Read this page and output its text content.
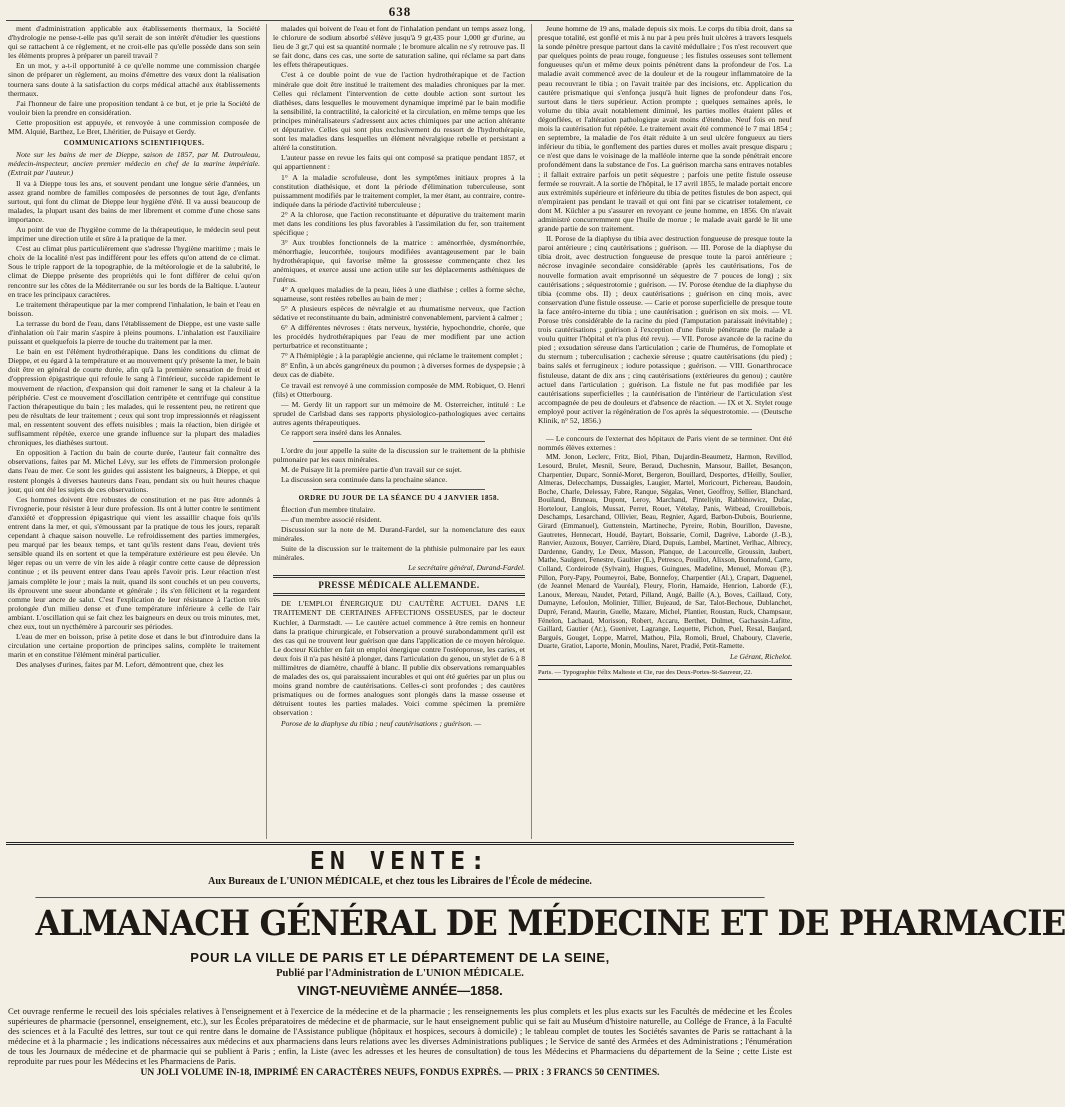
638

ment d'administration applicable aux établissements thermaux, la Société d'hydrologie ne pense-t-elle pas qu'il serait de son intérêt d'étudier les questions qui se rattachent à ce règlement, et ne croit-elle pas qu'elle possède dans son sein les éléments propres à préparer un pareil travail ?

En un mot, y a-t-il opportunité à ce qu'elle nomme une commission chargée sinon de préparer un règlement, au moins d'émettre des vœux dont la réalisation tournera sans doute à la satisfaction du corps médical attaché aux établissements thermaux.

J'ai l'honneur de faire une proposition tendant à ce but, et je prie la Société de vouloir bien la prendre en considération.

Cette proposition est appuyée, et renvoyée à une commission composée de MM. Alquié, Barthez, Le Bret, Lhéritier, de Puisaye et Gerdy.

COMMUNICATIONS SCIENTIFIQUES.

Note sur les bains de mer de Dieppe, saison de 1857, par M. Dutrouleau, médecin-inspecteur, ancien premier médecin en chef de la marine impériale. (Extrait par l'auteur.)

Il va à Dieppe tous les ans, et souvent pendant une longue série d'années, un assez grand nombre de familles composées de personnes de tout âge, d'enfants surtout, qui font du climat de Dieppe leur hygiène d'été. Il va aussi beaucoup de malades, la plupart usant des bains de mer librement et comme d'une chose sans importance.

Au point de vue de l'hygiène comme de la thérapeutique, le médecin seul peut imprimer une direction utile et sûre à la pratique de la mer.

C'est au climat plus particulièrement que s'adresse l'hygiène maritime ; mais le choix de la localité n'est pas indifférent pour les effets qu'on attend de ce climat. Sous le triple rapport de la topographie, de la météorologie et de la salubrité, le climat de Dieppe présente des propriétés qui le font différer de celui qu'on rencontre sur les côtes de la Méditerranée ou sur les bords de la Baltique. L'auteur en trace les principaux caractères.

Le traitement thérapeutique par la mer comprend l'inhalation, le bain et l'eau en boisson.

La terrasse du bord de l'eau, dans l'établissement de Dieppe, est une vaste salle d'inhalation où l'air marin s'aspire à pleins poumons. L'inhalation est l'auxiliaire puissant et quelquefois la pierre de touche du traitement par la mer.

Le bain en est l'élément hydrothérapique. Dans les conditions du climat de Dieppe, et eu égard à la température et au mouvement qu'y présente la mer, le bain doit être en général de courte durée, afin qu'à la première sensation de froid et d'oppression épigastrique qui refoule le sang à l'intérieur, succède rapidement le mouvement de réaction, d'expansion qui doit ramener le sang et la chaleur à la périphérie. C'est ce mouvement d'oscillation centripète et centrifuge qui constitue l'action thérapeutique du bain ; les malades, qui le ressentent peu, ne retirent que peu de résultats de leur traitement ; ceux qui sont trop impressionnés et réagissent mal, en ressentent souvent des effets nuisibles ; mais la réaction, bien dirigée et suffisamment répétée, exerce une grande influence sur la plupart des maladies chroniques, les diathèses surtout.

En opposition à l'action du bain de courte durée, l'auteur fait connaître des observations, faites par M. Michel Lévy, sur les effets de l'immersion prolongée dans l'eau de mer. Ce sont les guides qui assistent les baigneurs, à Dieppe, et qui restent plongés à diverses hauteurs dans l'eau, pendant six ou huit heures chaque jour, qui ont été les sujets de ces observations.

Ces hommes doivent être robustes de constitution et ne pas être adonnés à l'ivrognerie, pour résister à leur dure profession. Ils ont à lutter contre le sentiment d'anxiété et d'oppression épigastrique qui vient les assaillir chaque fois qu'ils entrent dans la mer, et qui, s'émoussant par la pratique de tous les jours, reparaît cependant à chaque saison nouvelle. Le refroidissement des parties immergées, peu marqué par les beaux temps, et tant qu'ils restent dans l'eau, devient très sensible quand ils en sortent et que la température extérieure est peu élevée. Un léger repas ou un verre de vin les aide à réagir contre cette cause de dépression continue ; et ils peuvent entrer dans l'eau après l'avoir pris. Leur réaction n'est jamais complète le jour ; mais la nuit, quand ils sont couchés et un peu couverts, ils éprouvent une sueur abondante et générale ; ils s'en félicitent et la regardent comme leur ancre de salut. C'est l'explication de leur résistance à l'action très prolongée d'un milieu dense et d'une température inférieure à celle de l'air ambiant. L'oscillation qui se fait chez les baigneurs en deux ou trois minutes, met, chez eux, tout un nycthémère à parcourir ses périodes.

L'eau de mer en boisson, prise à petite dose et dans le but d'introduire dans la circulation une certaine proportion de principes salins, complète le traitement marin et en constitue l'élément minéral particulier.

Des analyses d'urines, faites par M. Lefort, démontrent que, chez les

malades qui boivent de l'eau et font de l'inhalation pendant un temps assez long, le chlorure de sodium absorbé s'élève jusqu'à 9 gr,435 pour 1,000 gr d'urine, au lieu de 3 gr,7 qui est sa quantité normale ; le bromure alcalin ne s'y retrouve pas. Il se fait donc, dans ces cas, une sorte de saturation saline, qui réclame sa part dans les effets thérapeutiques.

C'est à ce double point de vue de l'action hydrothérapique et de l'action minérale que doit être institué le traitement des maladies chroniques par la mer. Celles qui réclament l'intervention de cette double action sont surtout les diathèses, dans lesquelles le mouvement dynamique imprimé par le bain modifie la sensibilité, la contractilité, la caloricité et la circulation, en même temps que les principes minéralisateurs s'adressent aux actes chimiques par une action altérante et dépurative. Celles qui sont plus exclusivement du ressort de l'hydrothérapie, sont les maladies dans lesquelles un élément névralgique rebelle et persistant a altéré la constitution.

L'auteur passe en revue les faits qui ont composé sa pratique pendant 1857, et qui appartiennent :

1° A la maladie scrofuleuse, dont les symptômes initiaux propres à la constitution diathésique, et dont la période d'élimination tuberculeuse, sont puissamment modifiés par le traitement complet, la mer étant, au contraire, contre-indiquée dans la période d'activité tuberculeuse ;

2° A la chlorose, que l'action reconstituante et dépurative du traitement marin met dans les conditions les plus favorables à l'assimilation du fer, son traitement spécifique ;

3° Aux troubles fonctionnels de la matrice : aménorrhée, dysménorrhée, ménorrhagie, leucorrhée, toujours modifiées avantageusement par le bain hydrothérapique, qui favorise même la grossesse commençante chez les anémiques, et exerce aussi une action utile sur les déplacements asthéniques de l'utérus.

4° A quelques maladies de la peau, liées à une diathèse ; celles à forme sèche, squameuse, sont restées rebelles au bain de mer ;

5° A plusieurs espèces de névralgie et au rhumatisme nerveux, que l'action sédative et reconstituante du bain, administré convenablement, parvient à calmer ;

6° A différentes névroses : états nerveux, hystérie, hypochondrie, chorée, que les procédés hydrothérapiques par l'eau de mer modifient par une action perturbatrice et reconstituante ;

7° A l'hémiplégie ; à la paraplégie ancienne, qui réclame le traitement complet ;

8° Enfin, à un abcès gangréneux du poumon ; à diverses formes de dyspepsie ; à deux cas de diabète.

Ce travail est renvoyé à une commission composée de MM. Robiquet, O. Henri (fils) et Otterbourg.

— M. Gerdy lit un rapport sur un mémoire de M. Osterreicher, intitulé : Le sprudel de Carlsbad dans ses rapports physiologico-pathologiques avec certains autres agents thérapeutiques.

Ce rapport sera inséré dans les Annales.

L'ordre du jour appelle la suite de la discussion sur le traitement de la phthisie pulmonaire par les eaux minérales.

M. de Puisaye lit la première partie d'un travail sur ce sujet.

La discussion sera continuée dans la prochaine séance.

ORDRE DU JOUR DE LA SÉANCE DU 4 JANVIER 1858.

Élection d'un membre titulaire.

— d'un membre associé résident.

Discussion sur la note de M. Durand-Fardel, sur la nomenclature des eaux minérales.

Suite de la discussion sur le traitement de la phthisie pulmonaire par les eaux minérales.

Le secrétaire général, Durand-Fardel.

PRESSE MÉDICALE ALLEMANDE.

DE L'EMPLOI ÉNERGIQUE DU CAUTÈRE ACTUEL DANS LE TRAITEMENT DE CERTAINES AFFECTIONS OSSEUSES, par le docteur Kuchler, à Darmstadt. — Le cautère actuel commence à être remis en honneur dans la pratique chirurgicale, et l'observation a prouvé surabondamment qu'il est des cas qui ne trouvent leur guérison que dans l'application de ce moyen héroïque. Le docteur Küchler en fait un emploi énergique contre l'ostéoporose, les caries, et deux fois il n'a pas hésité à plonger, dans l'articulation du genou, un stylet de 6 à 8 millimètres de diamètre, chauffé à blanc. Il publie dix observations remarquables de malades des os, qui paraissaient incurables et qui ont été guéries par un plus ou moins grand nombre de cautérisations. Celles-ci sont profondes ; des cautères prismatiques ou de formes analogues sont plongés dans la masse osseuse et détruisent toutes les parties malades. Voici comme spécimen la première observation :

Porose de la diaphyse du tibia ; neuf cautérisations ; guérison. —

Jeune homme de 19 ans, malade depuis six mois. Le corps du tibia droit, dans sa presque totalité, est gonflé et mis à nu par à peu près huit ulcères à travers lesquels la sonde pénètre presque partout dans la cavité médullaire ; l'os n'est recouvert que par quelques points de peau rouge, fongueuse ; les fistules osseuses sont tellement fongueuses qu'un et même deux points pénètrent dans la profondeur de l'os. La maladie avait commencé avec de la douleur et de la rougeur inflammatoire de la peau recouvrant le tibia ; on l'avait traitée par des incisions, etc. Application du cautère prismatique qui s'enfonça jusqu'à huit lignes de profondeur dans l'os, surtout dans le tiers supérieur. Action prompte ; quelques semaines après, le volume du tibia avait notablement diminué, les parties molles étaient pâles et dégonflées, et l'altération pathologique avait moins d'étendue. Neuf fois en neuf mois la cautérisation fut répétée. Le traitement avait été commencé le 7 mai 1854 ; en septembre, la maladie de l'os était réduite à un seul ulcère fongueux au tiers inférieur du tibia, le gonflement des parties dures et molles avait presque disparu ; ce n'est que dans le voisinage de la malléole interne que la sonde pénétrait encore profondément dans la substance de l'os. La guérison marcha sans entraves notables ; il fallait extraire parfois un petit séquestre ; parfois une petite fistule osseuse fermée se rouvrait. A la sortie de l'hôpital, le 17 avril 1855, le malade portait encore aux extrémités supérieure et inférieure du tibia de petites fistules de bon aspect, qui n'empiraient pas pendant le travail et qui ont fini par se cicatriser totalement, ce dont M. Küchler a pu s'assurer en revoyant ce jeune homme, en 1856. On n'avait administré concurremment que l'huile de morue ; le malade avait gardé le lit une grande partie de son traitement.

II. Porose de la diaphyse du tibia avec destruction fongueuse de presque toute la paroi antérieure ; cinq cautérisations ; guérison. — III. Porose de la diaphyse du tibia droit, avec destruction fongueuse de presque toute la paroi antérieure ; nécrose invaginée secondaire considérable (après les cautérisations, l'os de nouvelle formation avait emprisonné un séquestre de 7 pouces de long) ; six cautérisations ; séquestrotomie ; guérison. — IV. Porose étendue de la diaphyse du tibia (comme obs. II) ; deux cautérisations ; guérison en cinq mois, avec conservation d'une fistule osseuse. — Carie et porose superficielle de presque toute la face antéro-interne du tibia ; une cautérisation ; guérison en six mois. — VI. Porose très considérable de la racine du pied (l'amputation paraissait inévitable) ; trois cautérisations ; guérison à l'exception d'une fistule pénétrante (le malade a voulu quitter l'hôpital et n'a plus été revu). — VII. Porose avancée de la racine du pied ; exsudation séreuse dans l'articulation ; carie de l'humérus, de l'omoplate et du sternum ; tuberculisation ; cachexie séreuse ; quatre cautérisations (du pied) ; bains salés et ferrugineux ; iodure potassique ; guérison. — VIII. Gonarthrocace fistuleuse, datant de dix ans ; cinq cautérisations (extérieures du genou) ; cautère actuel dans l'articulation ; guérison. La fistule ne fut pas modifiée par les cautérisations superficielles ; la cautérisation de l'intérieur de l'articulation s'est accompagnée de peu de douleurs et d'absence de réaction. — IX et X. Stylet rouge employé pour activer la régénération de l'os après la séquestrotomie. — (Deutsche Klinik, n° 52, 1856.)

— Le concours de l'externat des hôpitaux de Paris vient de se terminer. Ont été nommés élèves externes :

MM. Jonon, Leclerc, Fritz, Biol, Piban, Dujardin-Beaumetz, Harmon, Revillod, Lesourd, Brulet, Mesnil, Seure, Beraud, Duchesnin, Mansour, Baillet, Besançon, Charpentier, Duparc, Sonnié-Moret, Bergeron, Bouillard, Desportes, d'Heilly, Soulier, Almeras, Delecchamps, Dussaigles, Laugier, Martel, Moricourt, Pichereau, Baudoin, Boche, Charle, Delessay, Fabre, Ranque, Ségalas, Venet, Geoffroy, Sellier, Blanchard, Bouiland, Bruneau, Dupont, Leroy, Marchand, Pinteliyin, Rabbinowicz, Dulac, Hortelour, Langlois, Mussat, Perret, Rouet, Vételay, Panis, Witbead, Crouillebois, Deschamps, Lesarchand, Ollivier, Beau, Regnier, Agard, Barbon-Dubois, Bourienne, Girard (Emmanuel), Guttenstein, Martineche, Pyreire, Robin, Bourillon, Davesne, Gautretes, Hennecart, Houdé, Baytart, Boissarie, Cornil, Dagrève, Laborde (J.-B.), Ranvier, Auzoux, Bouyer, Carrière, Diard, Dupuis, Lambel, Martinet, Verlhac, Albrecy, Dardenne, Gandry, Le Deux, Masson, Planque, de Lacourcelle, Groussin, Jaubert, Mathe, Saulgeot, Fenestre, Gaultier (E.), Petresco, Pouillot, Alixson, Bonnafond, Carre, Colland, Cordeirode (Sylvain), Hugues, Guingues, Madeline, Menuel, Moreau (P.), Pillon, Pory-Papy, Poumeyroi, Babe, Bonnefoy, Charpentier (Al.), Crapart, Daguenel, (de Jeannel Menard de Vauréal), Fleury, Florin, Hamaide, Henrion, Laborde (F.), Lanoux, Mereau, Naudet, Petard, Pilland, Augé, Baille (A.), Boves, Caillaud, Coty, Dumayne, Lefoulon, Molinier, Tillier, Bujeaud, de Sar, Talot-Bechoue, Dublanchet, Dupré, Ferand, Maurin, Guelle, Mazare, Michel, Plantier, Roustan, Ruck, Champsaur, Fénelon, Lachaud, Morisson, Robert, Accaru, Berthet, Dulmet, Gachassin-Lafitte, Gaillard, Gautier (Ar.), Guenivet, Lagrange, Lequette, Pichon, Puel, Resal, Baujard, Barguès, Gouget, Loppe, Marrel, Mathou, Pila, Romoli, Bruel, Chaboury, Claverie, Duarte, Gratiot, Laporte, Monin, Moulins, Naret, Pradié, Petit-Ramette.

Le Gérant, Richelot.

Paris. — Typographie Félix Malteste et Cie, rue des Deux-Portes-St-Sauveur, 22.

EN VENTE:
Aux Bureaux de L'UNION MÉDICALE, et chez tous les Libraires de l'École de médecine.
ALMANACH GÉNÉRAL DE MÉDECINE ET DE PHARMACIE
POUR LA VILLE DE PARIS ET LE DÉPARTEMENT DE LA SEINE,
Publié par l'Administration de L'UNION MÉDICALE.
VINGT-NEUVIÈME ANNÉE—1858.
Cet ouvrage renferme le recueil des lois spéciales relatives à l'enseignement et à l'exercice de la médecine et de la pharmacie ; les renseignements les plus complets et les plus exacts sur les Facultés de médecine et les Écoles supérieures de pharmacie (personnel, enseignement, etc.), sur les Écoles préparatoires de médecine et de pharmacie, sur le haut enseignement public qui se fait au Muséum d'histoire naturelle, au Collége de France, à la Faculté des sciences et à la Faculté des lettres, sur tout ce qui rentre dans le domaine de l'Assistance publique (hôpitaux et hospices, secours à domicile) ; le tableau complet de toutes les Sociétés savantes de Paris se rattachant à la médecine et à la pharmacie ; les indications nécessaires aux médecins et aux pharmaciens dans leurs relations avec les diverses Administrations publiques ; le Service de santé des Armées et des Administrations ; l'énumération de tous les Journaux de médecine et de pharmacie qui se publient à Paris ; enfin, la Liste (avec les adresses et les heures de consultation) de tous les Médecins et Pharmaciens du département de la Seine ; cette Liste est reproduite par rues pour les Médecins et les Pharmaciens de Paris.
UN JOLI VOLUME IN-18, IMPRIMÉ EN CARACTÈRES NEUFS, FONDUS EXPRÈS. — PRIX : 3 FRANCS 50 CENTIMES.
